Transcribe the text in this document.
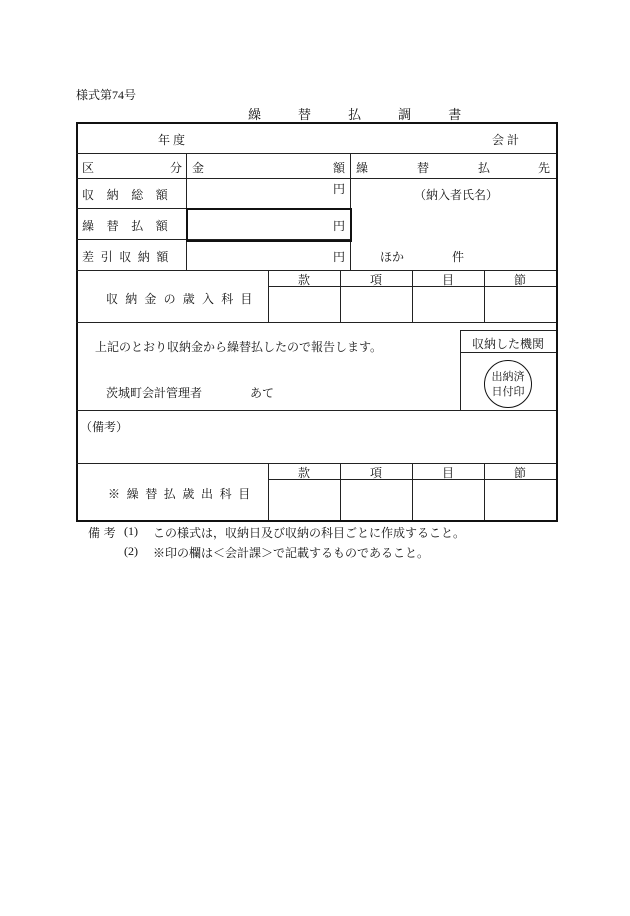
様式第74号
繰 替 払 調 書
年 度	会 計
区	分 金	額 繰	替	払	先
収納総額	円
繰替払額	円
差引収納額	円
（納入者氏名）
ほか	件
収納金の歳入科目
款	項	目	節
上記のとおり収納金から繰替払したので報告します。
茨城町会計管理者	あて
収納した機関
出納済
日付印
（備考）
※繰替払歳出科目
款	項	目	節
備考 (1) この様式は，収納日及び収納の科目ごとに作成すること。
(2) ※印の欄は＜会計課＞で記載するものであること。
